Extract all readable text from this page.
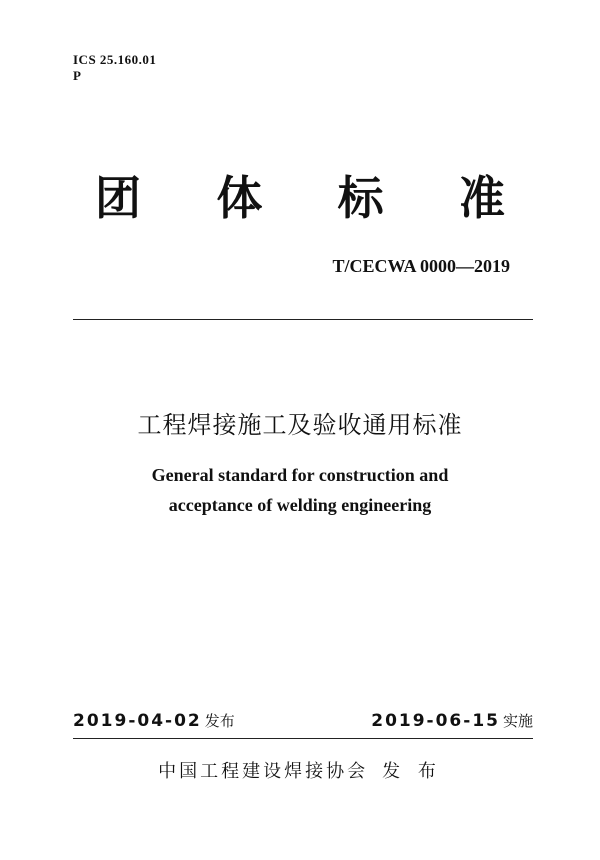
ICS 25.160.01
P
团 体 标 准
T/CECWA 0000—2019
工程焊接施工及验收通用标准
General standard for construction and
acceptance of welding engineering
2019-04-02 发布	2019-06-15 实施
中国工程建设焊接协会 发 布
